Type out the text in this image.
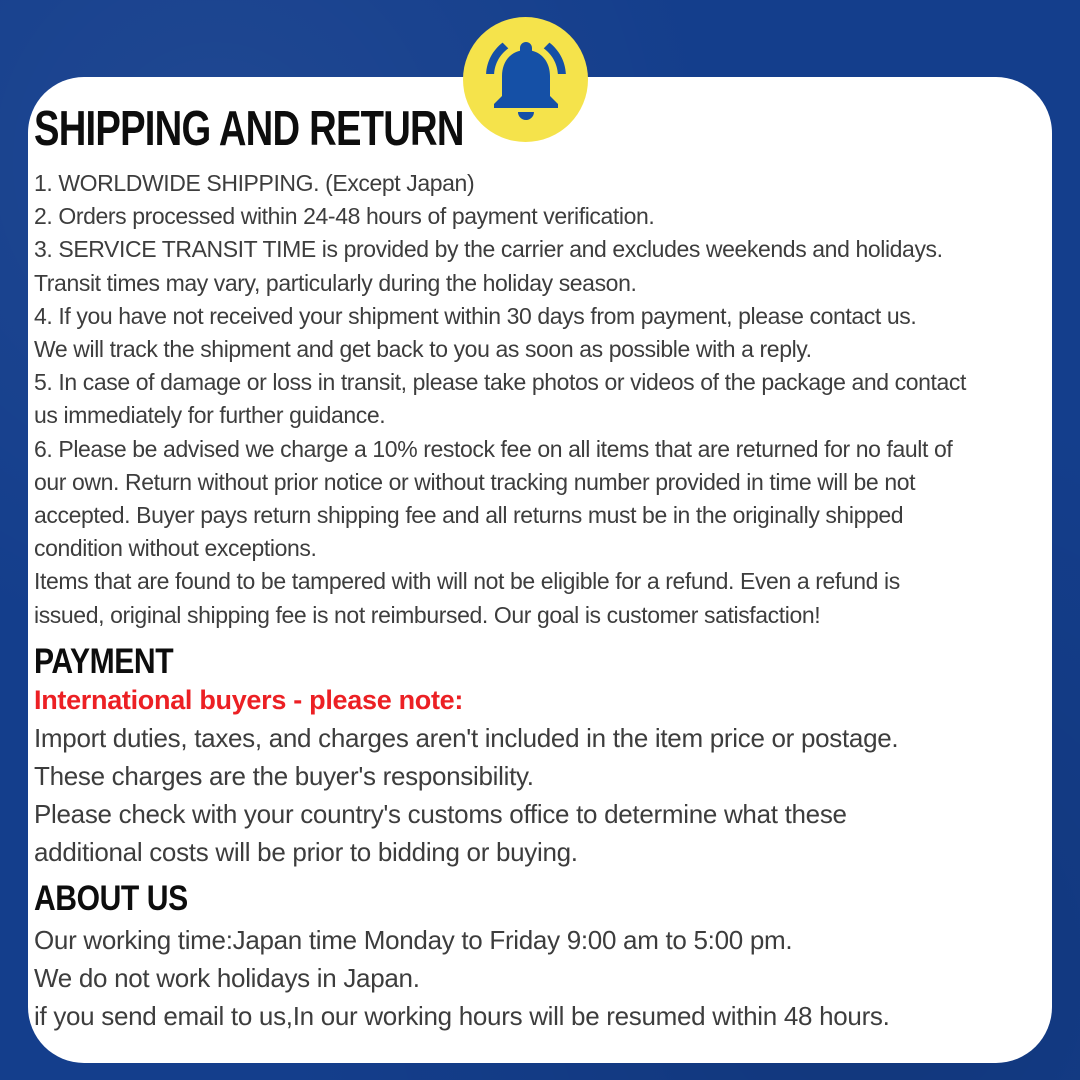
SHIPPING AND RETURN
1. WORLDWIDE SHIPPING. (Except Japan)
2. Orders processed within 24-48 hours of payment verification.
3. SERVICE TRANSIT TIME is provided by the carrier and excludes weekends and holidays.
Transit times may vary, particularly during the holiday season.
4. If you have not received your shipment within 30 days from payment, please contact us.
We will track the shipment and get back to you as soon as possible with a reply.
5. In case of damage or loss in transit, please take photos or videos of the package and contact
us immediately for further guidance.
6. Please be advised we charge a 10% restock fee on all items that are returned for no fault of
our own. Return without prior notice or without tracking number provided in time will be not
accepted. Buyer pays return shipping fee and all returns must be in the originally shipped
condition without exceptions.
Items that are found to be tampered with will not be eligible for a refund. Even a refund is
issued, original shipping fee is not reimbursed. Our goal is customer satisfaction!
PAYMENT
International buyers - please note:
Import duties, taxes, and charges aren't included in the item price or postage.
These charges are the buyer's responsibility.
Please check with your country's customs office to determine what these
additional costs will be prior to bidding or buying.
ABOUT US
Our working time:Japan time Monday to Friday 9:00 am to 5:00 pm.
We do not work holidays in Japan.
if you send email to us,In our working hours will be resumed within 48 hours.
